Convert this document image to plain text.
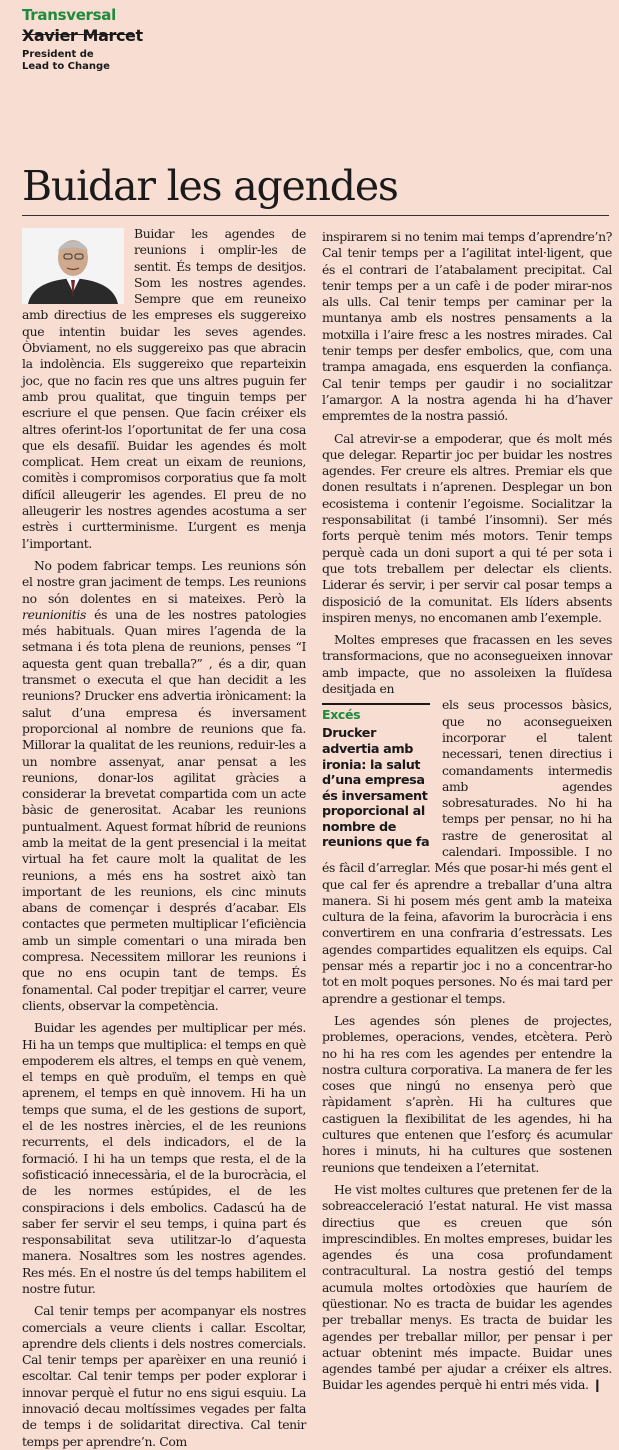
Transversal
Xavier Marcet
President de
Lead to Change
Buidar les agendes

Buidar les agendes de reunions i omplir-les de sentit. És temps de desitjos. Som les nostres agendes. Sempre que em reuneixo amb directius de les empreses els suggereixo que intentin buidar les seves agendes. Òbviament, no els suggereixo pas que abracin la indolència. Els suggereixo que reparteixin joc, que no facin res que uns altres puguin fer amb prou qualitat, que tinguin temps per escriure el que pensen. Que facin créixer els altres oferint-los l’oportunitat de fer una cosa que els desafiï. Buidar les agendes és molt complicat. Hem creat un eixam de reunions, comitès i compromisos corporatius que fa molt difícil alleugerir les agendes. El preu de no alleugerir les nostres agendes acostuma a ser estrès i curtterminisme. L’urgent es menja l’important.

No podem fabricar temps. Les reunions són el nostre gran jaciment de temps. Les reunions no són dolentes en si mateixes. Però la reunionitis és una de les nostres patologies més habituals. Quan mires l’agenda de la setmana i és tota plena de reunions, penses “I aquesta gent quan treballa?” , és a dir, quan transmet o executa el que han decidit a les reunions? Drucker ens advertia irònicament: la salut d’una empresa és inversament proporcional al nombre de reunions que fa. Millorar la qualitat de les reunions, reduir-les a un nombre assenyat, anar pensat a les reunions, donar-los agilitat gràcies a considerar la brevetat compartida com un acte bàsic de generositat. Acabar les reunions puntualment. Aquest format híbrid de reunions amb la meitat de la gent presencial i la meitat virtual ha fet caure molt la qualitat de les reunions, a més ens ha sostret això tan important de les reunions, els cinc minuts abans de començar i després d’acabar. Els contactes que permeten multiplicar l’eficiència amb un simple comentari o una mirada ben compresa. Necessitem millorar les reunions i que no ens ocupin tant de temps. És fonamental. Cal poder trepitjar el carrer, veure clients, observar la competència.

Buidar les agendes per multiplicar per més. Hi ha un temps que multiplica: el temps en què empoderem els altres, el temps en què venem, el temps en què produïm, el temps en què aprenem, el temps en què innovem. Hi ha un temps que suma, el de les gestions de suport, el de les nostres inèrcies, el de les reunions recurrents, el dels indicadors, el de la formació. I hi ha un temps que resta, el de la sofisticació innecessària, el de la burocràcia, el de les normes estúpides, el de les conspiracions i dels embolics. Cadascú ha de saber fer servir el seu temps, i quina part és responsabilitat seva utilitzar-lo d’aquesta manera. Nosaltres som les nostres agendes. Res més. En el nostre ús del temps habilitem el nostre futur.

Cal tenir temps per acompanyar els nostres comercials a veure clients i callar. Escoltar, aprendre dels clients i dels nostres comercials. Cal tenir temps per aparèixer en una reunió i escoltar. Cal tenir temps per poder explorar i innovar perquè el futur no ens sigui esquiu. La innovació decau moltíssimes vegades per falta de temps i de solidaritat directiva. Cal tenir temps per aprendre’n. Com

inspirarem si no tenim mai temps d’aprendre’n? Cal tenir temps per a l’agilitat intel·ligent, que és el contrari de l’atabalament precipitat. Cal tenir temps per a un cafè i de poder mirar-nos als ulls. Cal tenir temps per caminar per la muntanya amb els nostres pensaments a la motxilla i l’aire fresc a les nostres mirades. Cal tenir temps per desfer embolics, que, com una trampa amagada, ens esquerden la confiança. Cal tenir temps per gaudir i no socialitzar l’amargor. A la nostra agenda hi ha d’haver empremtes de la nostra passió.

Cal atrevir-se a empoderar, que és molt més que delegar. Repartir joc per buidar les nostres agendes. Fer creure els altres. Premiar els que donen resultats i n’aprenen. Desplegar un bon ecosistema i contenir l’egoisme. Socialitzar la responsabilitat (i també l’insomni). Ser més forts perquè tenim més motors. Tenir temps perquè cada un doni suport a qui té per sota i que tots treballem per delectar els clients. Liderar és servir, i per servir cal posar temps a disposició de la comunitat. Els líders absents inspiren menys, no encomanen amb l’exemple.

Moltes empreses que fracassen en les seves transformacions, que no aconsegueixen innovar amb impacte, que no assoleixen la fluïdesa desitjada en

Excés
Drucker advertia amb ironia: la salut d’una empresa és inversament proporcional al nombre de reunions que fa

els seus processos bàsics, que no aconsegueixen incorporar el talent necessari, tenen directius i comandaments intermedis amb agendes sobresaturades. No hi ha temps per pensar, no hi ha rastre de generositat al calendari. Impossible. I no és fàcil d’arreglar. Més que posar-hi més gent el que cal fer és aprendre a treballar d’una altra manera. Si hi posem més gent amb la mateixa cultura de la feina, afavorim la burocràcia i ens convertirem en una confraria d’estressats. Les agendes compartides equalitzen els equips. Cal pensar més a repartir joc i no a concentrar-ho tot en molt poques persones. No és mai tard per aprendre a gestionar el temps.

Les agendes són plenes de projectes, problemes, operacions, vendes, etcètera. Però no hi ha res com les agendes per entendre la nostra cultura corporativa. La manera de fer les coses que ningú no ensenya però que ràpidament s’aprèn. Hi ha cultures que castiguen la flexibilitat de les agendes, hi ha cultures que entenen que l’esforç és acumular hores i minuts, hi ha cultures que sostenen reunions que tendeixen a l’eternitat.

He vist moltes cultures que pretenen fer de la sobreacceleració l’estat natural. He vist massa directius que es creuen que són imprescindibles. En moltes empreses, buidar les agendes és una cosa profundament contracultural. La nostra gestió del temps acumula moltes ortodòxies que hauríem de qüestionar. No es tracta de buidar les agendes per treballar menys. Es tracta de buidar les agendes per treballar millor, per pensar i per actuar obtenint més impacte. Buidar unes agendes també per ajudar a créixer els altres. Buidar les agendes perquè hi entri més vida. ❙
